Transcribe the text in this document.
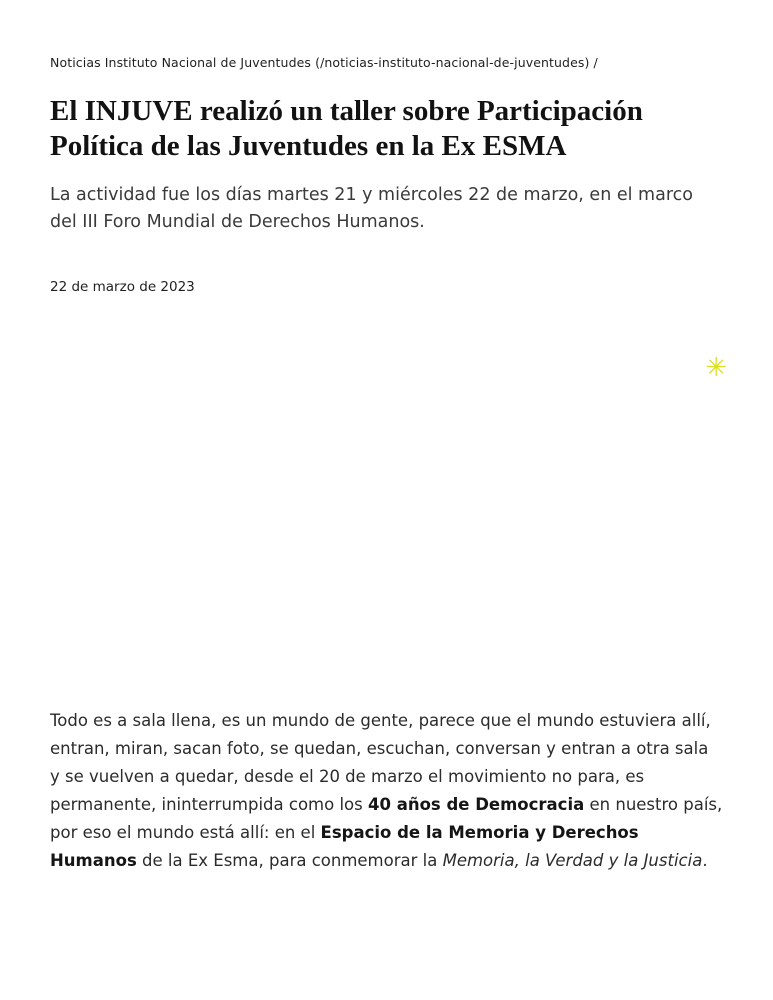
Noticias Instituto Nacional de Juventudes (/noticias-instituto-nacional-de-juventudes) /
El INJUVE realizó un taller sobre Participación Política de las Juventudes en la Ex ESMA

La actividad fue los días martes 21 y miércoles 22 de marzo, en el marco del III Foro Mundial de Derechos Humanos.

22 de marzo de 2023

✳

Todo es a sala llena, es un mundo de gente, parece que el mundo estuviera allí, entran, miran, sacan foto, se quedan, escuchan, conversan y entran a otra sala y se vuelven a quedar, desde el 20 de marzo el movimiento no para, es permanente, ininterrumpida como los 40 años de Democracia en nuestro país, por eso el mundo está allí: en el Espacio de la Memoria y Derechos Humanos de la Ex Esma, para conmemorar la Memoria, la Verdad y la Justicia.
